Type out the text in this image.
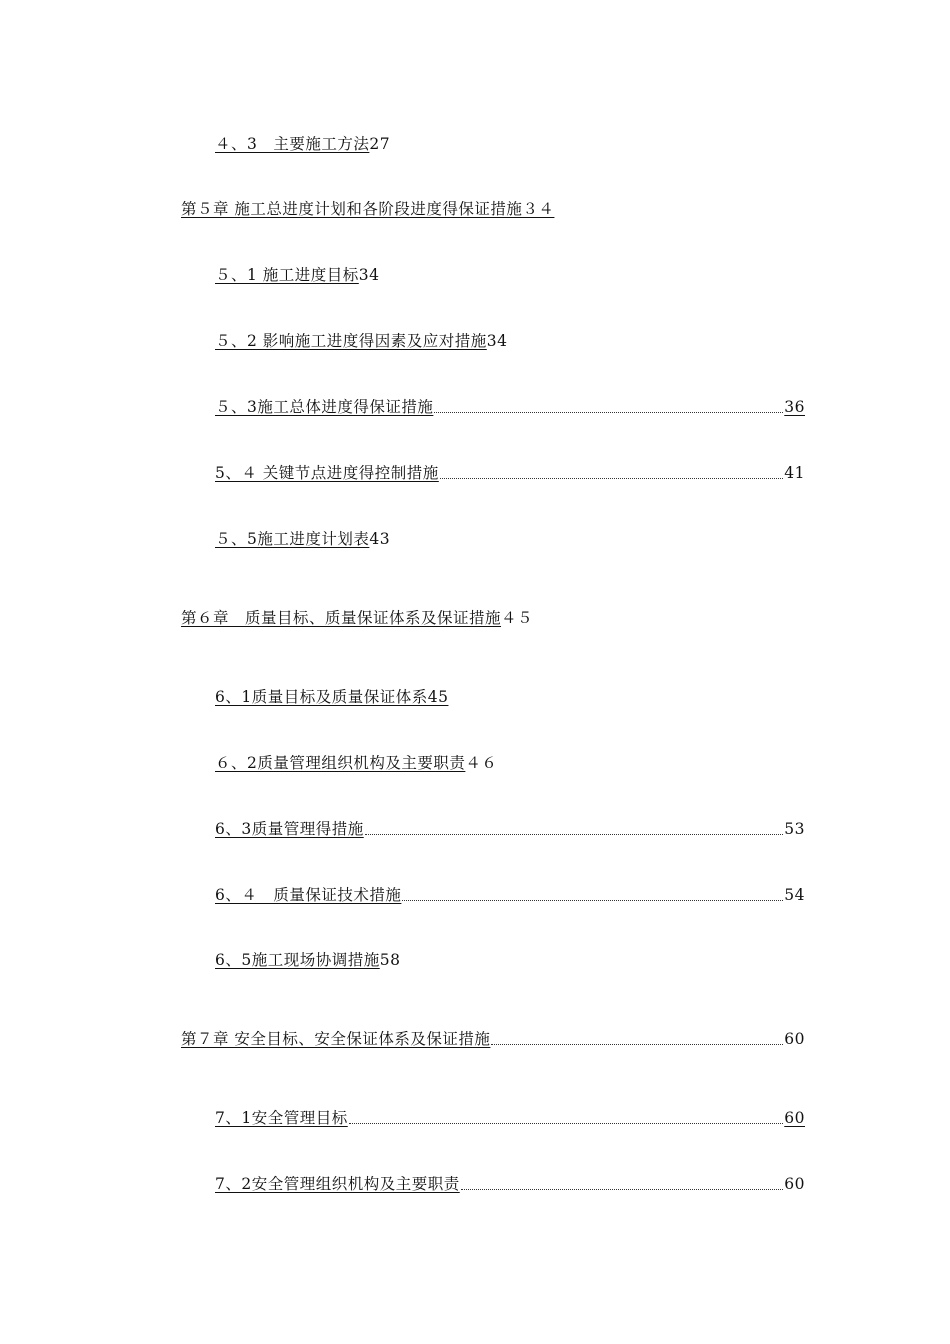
４、3　主要施工方法 27
第５章 施工总进度计划和各阶段进度得保证措施３４
５、1 施工进度目标 34
５、2 影响施工进度得因素及应对措施 34
５、3施工总体进度得保证措施	36
5、４ 关键节点进度得控制措施	41
５、5施工进度计划表 43
第６章　质量目标、质量保证体系及保证措施 ４５
6、1质量目标及质量保证体系45
６、2质量管理组织机构及主要职责 ４６
6、3质量管理得措施	53
6、４　质量保证技术措施	54
6、5施工现场协调措施 58
第７章 安全目标、安全保证体系及保证措施	60
7、1安全管理目标	60
7、2安全管理组织机构及主要职责	60
